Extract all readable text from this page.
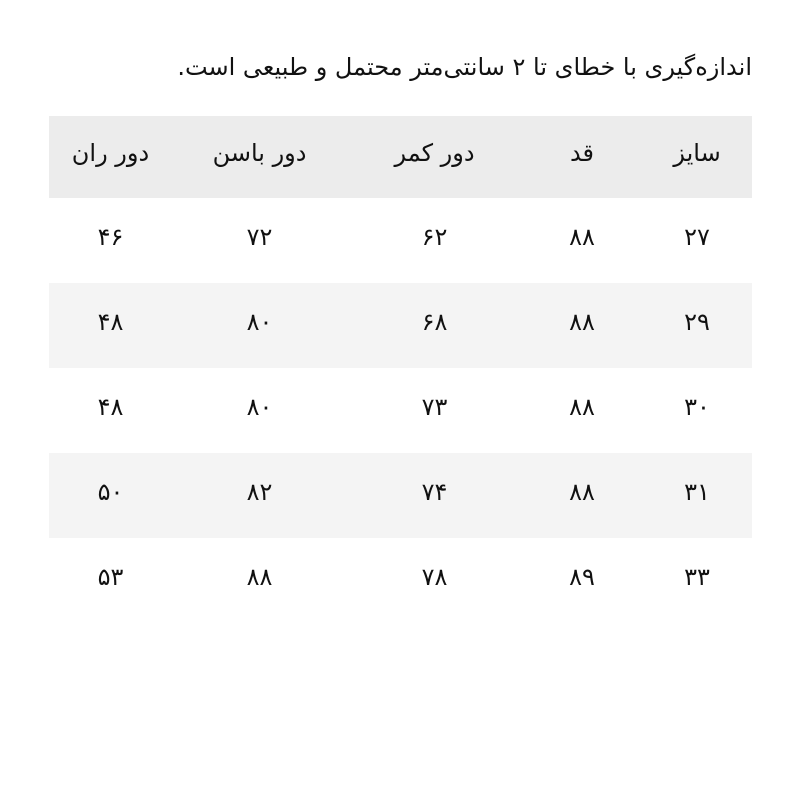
اندازه‌گیری با خطای تا ۲ سانتی‌متر محتمل و طبیعی است.

سایز	قد	دور کمر	دور باسن	دور ران
۲۷	۸۸	۶۲	۷۲	۴۶
۲۹	۸۸	۶۸	۸۰	۴۸
۳۰	۸۸	۷۳	۸۰	۴۸
۳۱	۸۸	۷۴	۸۲	۵۰
۳۳	۸۹	۷۸	۸۸	۵۳
